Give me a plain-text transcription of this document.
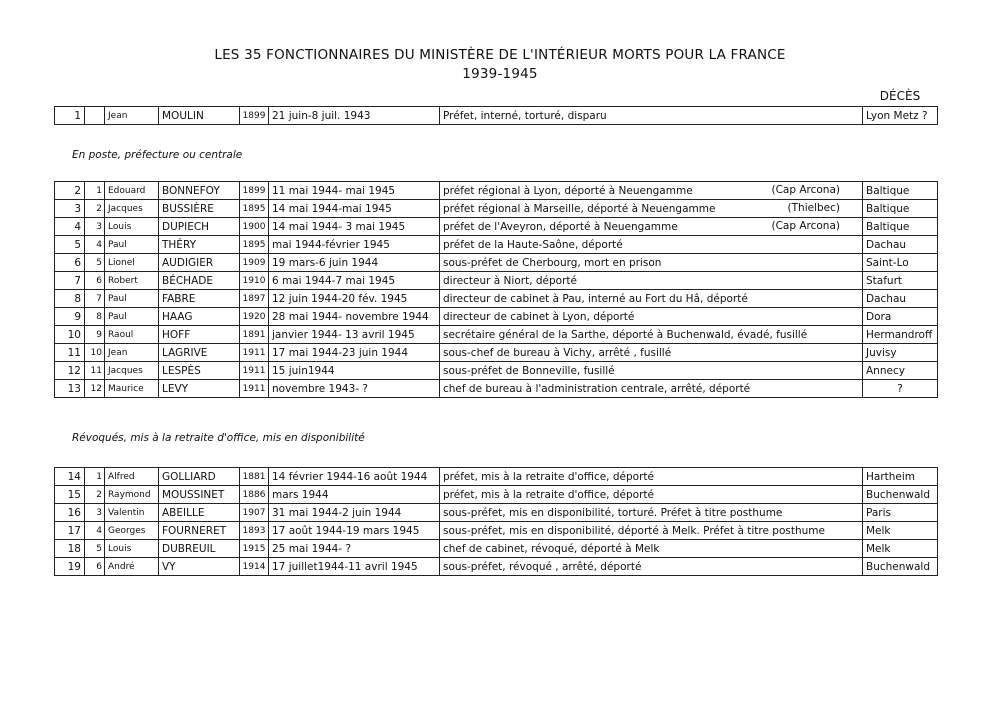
LES 35 FONCTIONNAIRES DU MINISTÈRE DE L'INTÉRIEUR MORTS POUR LA FRANCE
1939-1945
DÉCÈS
1		Jean	MOULIN	1899	21 juin-8 juil. 1943	Préfet, interné, torturé, disparu	Lyon Metz ?
En poste, préfecture ou centrale
2	1	Edouard	BONNEFOY	1899	11 mai 1944- mai 1945	préfet régional à Lyon, déporté à Neuengamme (Cap Arcona)	Baltique
3	2	Jacques	BUSSIÈRE	1895	14 mai 1944-mai 1945	préfet régional à Marseille, déporté à Neuengamme (Thielbec)	Baltique
4	3	Louis	DUPIECH	1900	14 mai 1944- 3 mai 1945	préfet de l'Aveyron, déporté à Neuengamme (Cap Arcona)	Baltique
5	4	Paul	THÉRY	1895	mai 1944-février 1945	préfet de la Haute-Saône, déporté	Dachau
6	5	Lionel	AUDIGIER	1909	19 mars-6 juin 1944	sous-préfet de Cherbourg, mort en prison	Saint-Lo
7	6	Robert	BÉCHADE	1910	6 mai 1944-7 mai 1945	directeur à Niort, déporté	Stafurt
8	7	Paul	FABRE	1897	12 juin 1944-20 fév. 1945	directeur de cabinet à Pau, interné au Fort du Hâ, déporté	Dachau
9	8	Paul	HAAG	1920	28 mai 1944- novembre 1944	directeur de cabinet à Lyon, déporté	Dora
10	9	Raoul	HOFF	1891	janvier 1944- 13 avril 1945	secrétaire général de la Sarthe, déporté à Buchenwald, évadé, fusillé	Hermandroff
11	10	Jean	LAGRIVE	1911	17 mai 1944-23 juin 1944	sous-chef de bureau à Vichy, arrêté , fusillé	Juvisy
12	11	Jacques	LESPÈS	1911	15 juin1944	sous-préfet de Bonneville, fusillé	Annecy
13	12	Maurice	LEVY	1911	novembre 1943- ?	chef de bureau à l'administration centrale, arrêté, déporté	?
Révoqués, mis à la retraite d'office, mis en disponibilité
14	1	Alfred	GOLLIARD	1881	14 février 1944-16 août 1944	préfet, mis à la retraite d'office, déporté	Hartheim
15	2	Raymond	MOUSSINET	1886	mars 1944	préfet, mis à la retraite d'office, déporté	Buchenwald
16	3	Valentin	ABEILLE	1907	31 mai 1944-2 juin 1944	sous-préfet, mis en disponibilité, torturé. Préfet à titre posthume	Paris
17	4	Georges	FOURNERET	1893	17 août 1944-19 mars 1945	sous-préfet, mis en disponibilité, déporté à Melk. Préfet à titre posthume	Melk
18	5	Louis	DUBREUIL	1915	25 mai 1944- ?	chef de cabinet, révoqué, déporté à Melk	Melk
19	6	André	VY	1914	17 juillet1944-11 avril 1945	sous-préfet, révoqué , arrêté, déporté	Buchenwald
